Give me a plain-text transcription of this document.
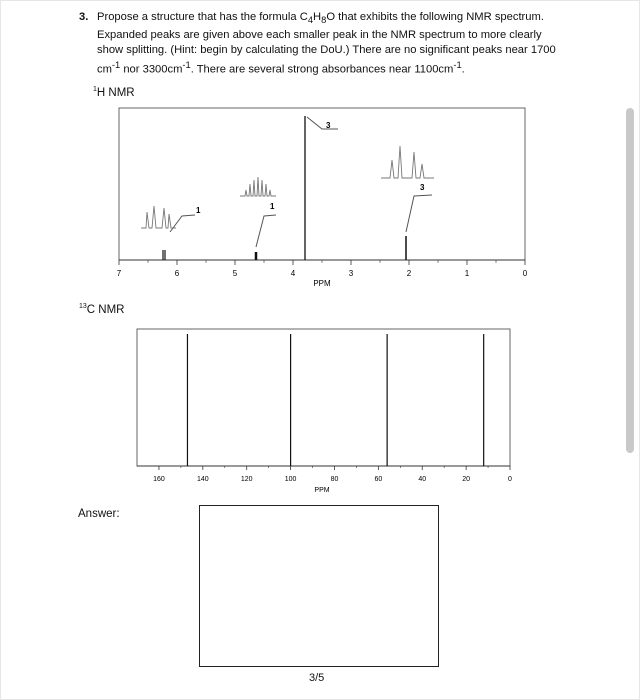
3. Propose a structure that has the formula $C_4H_8O$ that exhibits the following NMR spectrum. Expanded peaks are given above each smaller peak in the NMR spectrum to more clearly show splitting. (Hint: begin by calculating the DoU.) There are no significant peaks near 1700 $cm^{-1}$ nor $3300cm^{-1}$. There are several strong absorbances near $1100cm^{-1}$.
$^1$H NMR
$^{13}$C NMR
Answer:
7	6	5	4	3	2	1	0
PPM
1	1
3
3
160	140	120	100	80	60	40	20	0
PPM
3/5
